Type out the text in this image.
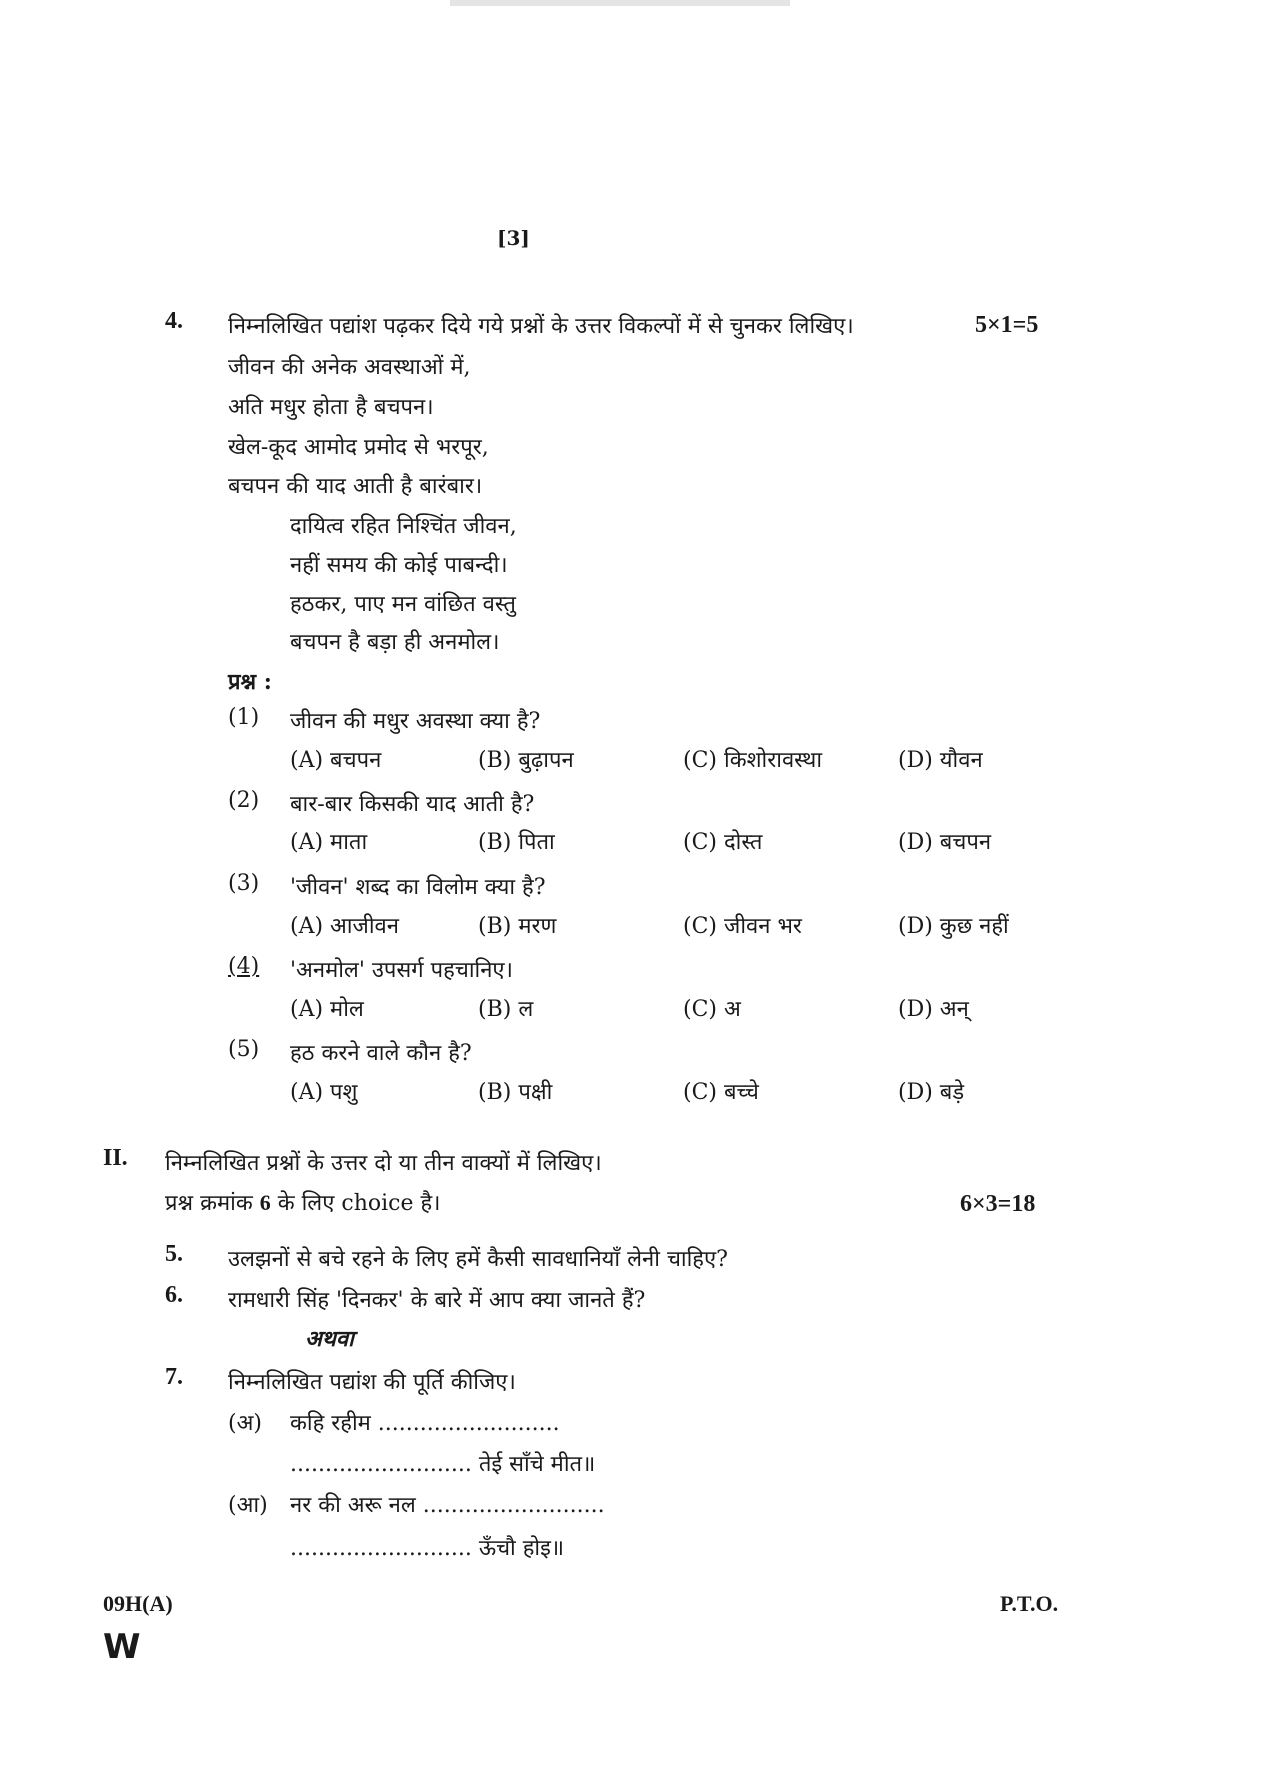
[3]
4. निम्नलिखित पद्यांश पढ़कर दिये गये प्रश्नों के उत्तर विकल्पों में से चुनकर लिखिए।	5×1=5
जीवन की अनेक अवस्थाओं में,
अति मधुर होता है बचपन।
खेल-कूद आमोद प्रमोद से भरपूर,
बचपन की याद आती है बारंबार।
दायित्व रहित निश्चिंत जीवन,
नहीं समय की कोई पाबन्दी।
हठकर, पाए मन वांछित वस्तु
बचपन है बड़ा ही अनमोल।
प्रश्न :
(1) जीवन की मधुर अवस्था क्या है?
(A) बचपन	(B) बुढ़ापन	(C) किशोरावस्था	(D) यौवन
(2) बार-बार किसकी याद आती है?
(A) माता	(B) पिता	(C) दोस्त	(D) बचपन
(3) 'जीवन' शब्द का विलोम क्या है?
(A) आजीवन	(B) मरण	(C) जीवन भर	(D) कुछ नहीं
(4) 'अनमोल' उपसर्ग पहचानिए।
(A) मोल	(B) ल	(C) अ	(D) अन्
(5) हठ करने वाले कौन है?
(A) पशु	(B) पक्षी	(C) बच्चे	(D) बड़े
II. निम्नलिखित प्रश्नों के उत्तर दो या तीन वाक्यों में लिखिए।
प्रश्न क्रमांक 6 के लिए choice है।	6×3=18
5. उलझनों से बचे रहने के लिए हमें कैसी सावधानियाँ लेनी चाहिए?
6. रामधारी सिंह 'दिनकर' के बारे में आप क्या जानते हैं?
अथवा
7. निम्नलिखित पद्यांश की पूर्ति कीजिए।
(अ) कहि रहीम ..........................
.......................... तेई साँचे मीत॥
(आ) नर की अरू नल ..........................
.......................... ऊँचौ होइ॥
09H(A)	P.T.O.
W
